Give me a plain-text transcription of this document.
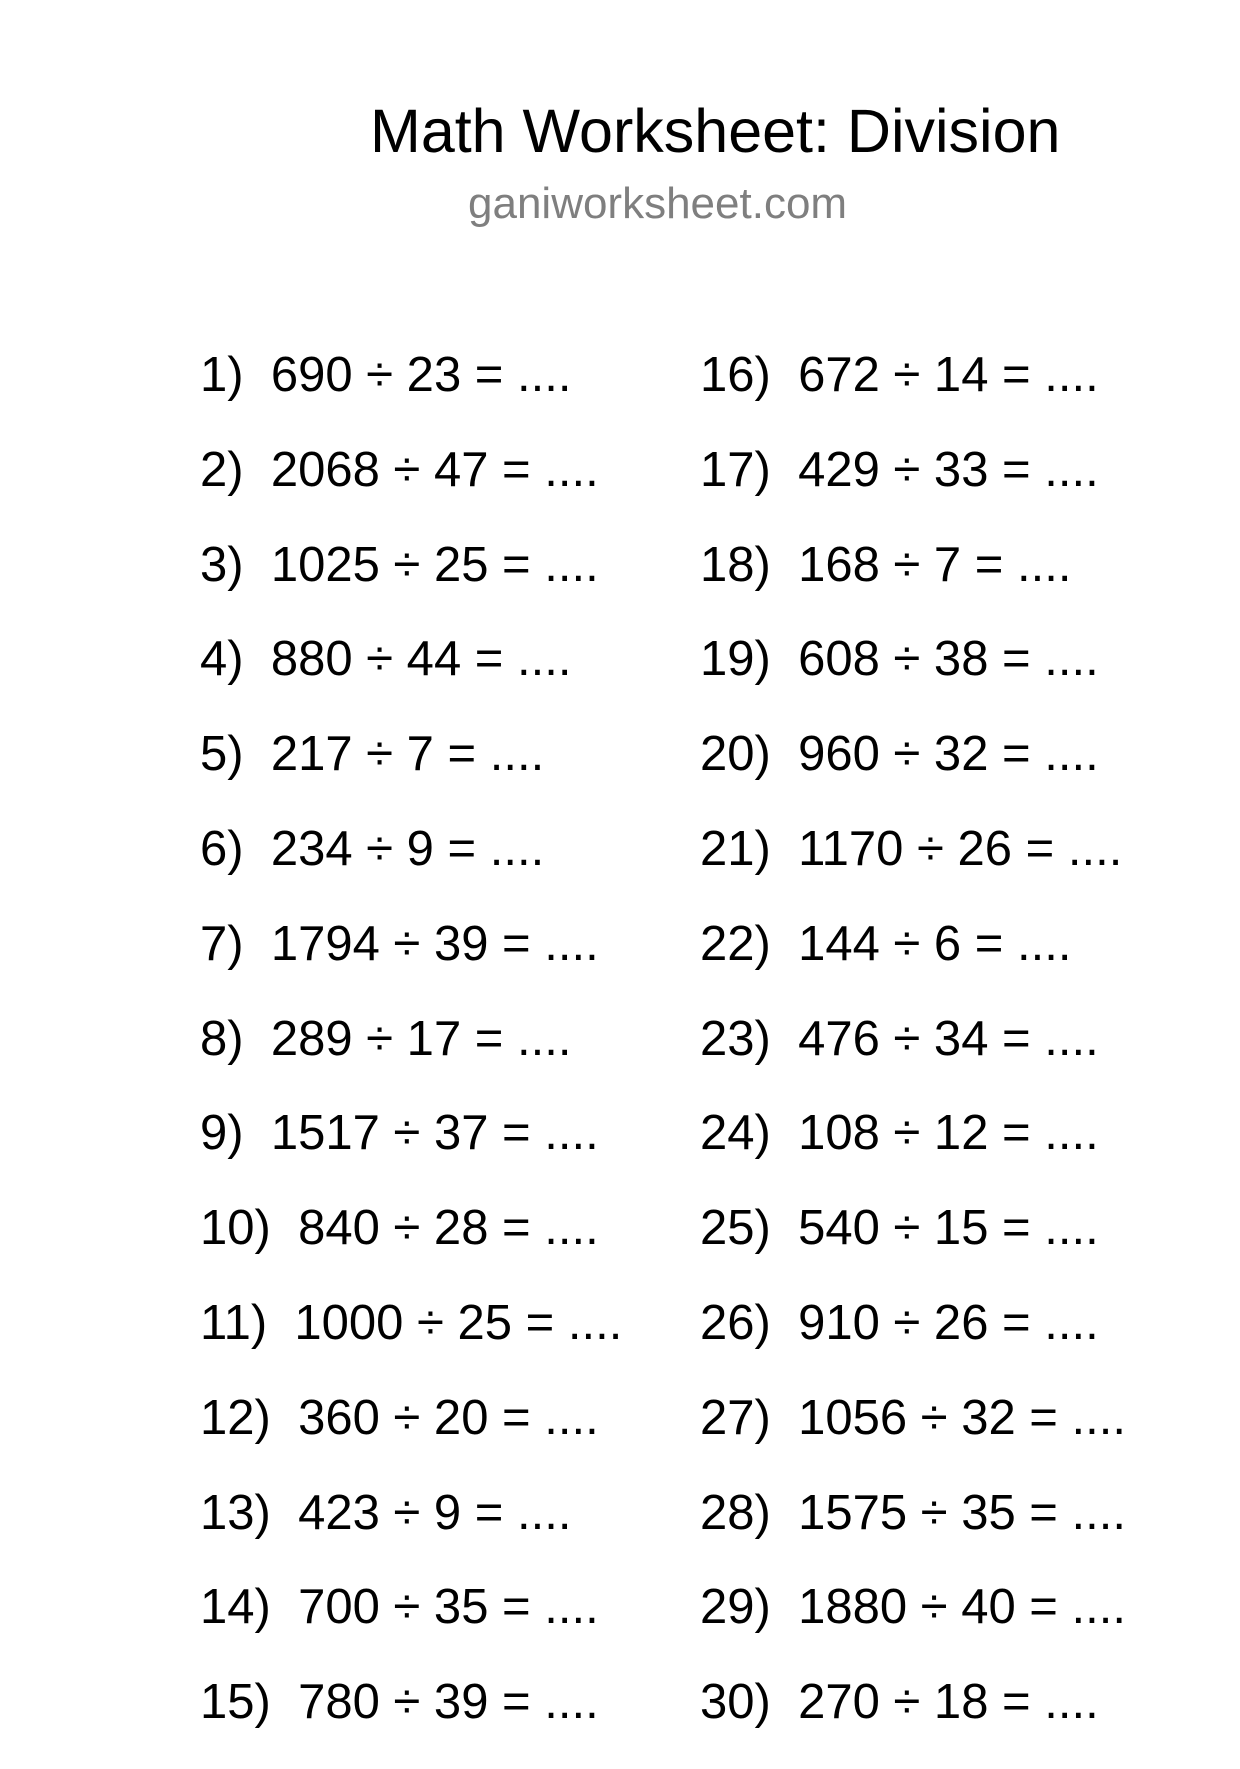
Math Worksheet: Division
ganiworksheet.com
1) 690 ÷ 23 = ....
2) 2068 ÷ 47 = ....
3) 1025 ÷ 25 = ....
4) 880 ÷ 44 = ....
5) 217 ÷ 7 = ....
6) 234 ÷ 9 = ....
7) 1794 ÷ 39 = ....
8) 289 ÷ 17 = ....
9) 1517 ÷ 37 = ....
10) 840 ÷ 28 = ....
11) 1000 ÷ 25 = ....
12) 360 ÷ 20 = ....
13) 423 ÷ 9 = ....
14) 700 ÷ 35 = ....
15) 780 ÷ 39 = ....
16) 672 ÷ 14 = ....
17) 429 ÷ 33 = ....
18) 168 ÷ 7 = ....
19) 608 ÷ 38 = ....
20) 960 ÷ 32 = ....
21) 1170 ÷ 26 = ....
22) 144 ÷ 6 = ....
23) 476 ÷ 34 = ....
24) 108 ÷ 12 = ....
25) 540 ÷ 15 = ....
26) 910 ÷ 26 = ....
27) 1056 ÷ 32 = ....
28) 1575 ÷ 35 = ....
29) 1880 ÷ 40 = ....
30) 270 ÷ 18 = ....
